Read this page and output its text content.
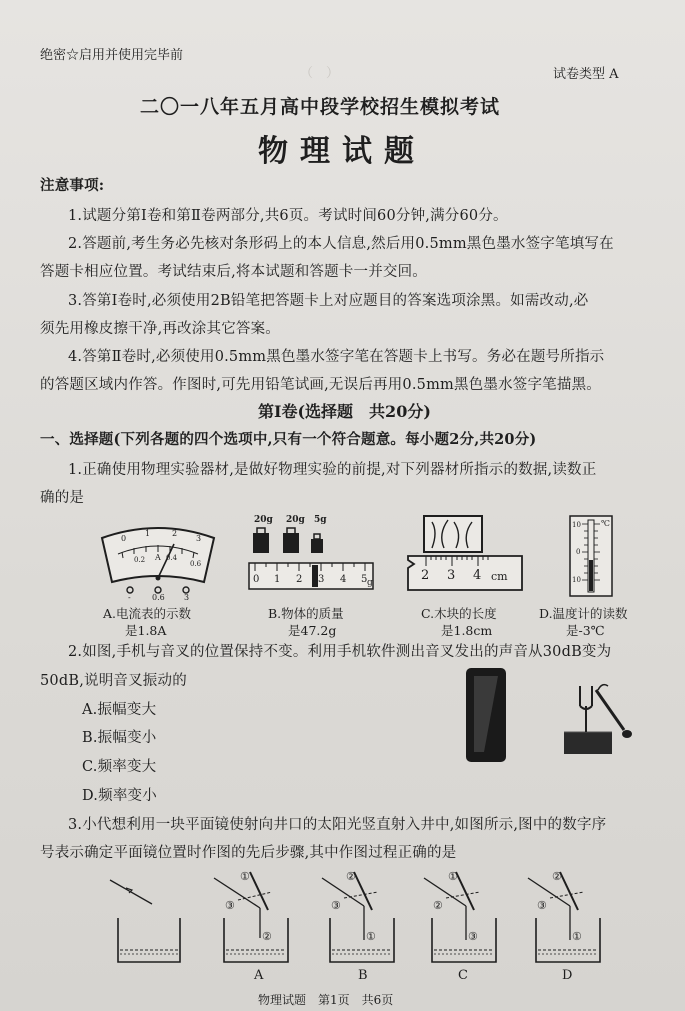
（　）
绝密☆启用并使用完毕前
试卷类型 A
二〇一八年五月高中段学校招生模拟考试
物理试题
注意事项:
1.试题分第Ⅰ卷和第Ⅱ卷两部分,共6页。考试时间60分钟,满分60分。
2.答题前,考生务必先核对条形码上的本人信息,然后用0.5mm黑色墨水签字笔填写在
答题卡相应位置。考试结束后,将本试题和答题卡一并交回。
3.答第Ⅰ卷时,必须使用2B铅笔把答题卡上对应题目的答案选项涂黑。如需改动,必
须先用橡皮擦干净,再改涂其它答案。
4.答第Ⅱ卷时,必须使用0.5mm黑色墨水签字笔在答题卡上书写。务必在题号所指示
的答题区域内作答。作图时,可先用铅笔试画,无误后再用0.5mm黑色墨水签字笔描黑。
第Ⅰ卷(选择题　共20分)
一、选择题(下列各题的四个选项中,只有一个符合题意。每小题2分,共20分)
1.正确使用物理实验器材,是做好物理实验的前提,对下列器材所指示的数据,读数正
确的是
0
1	2
3
0.2	0.4
0.6
A
-	0.6 3
20g 20g 5g
0 1 2 3 4 5 g	2 3 4 cm
10
0
10
℃
A.电流表的示数
是1.8A
B.物体的质量
是47.2g
C.木块的长度
是1.8cm
D.温度计的读数
是-3℃
2.如图,手机与音叉的位置保持不变。利用手机软件测出音叉发出的声音从30dB变为
50dB,说明音叉振动的
A.振幅变大
B.振幅变小
C.频率变大
D.频率变小
3.小代想利用一块平面镜使射向井口的太阳光竖直射入井中,如图所示,图中的数字序
号表示确定平面镜位置时作图的先后步骤,其中作图过程正确的是
①
③
②
②
③
①
①
②
③
②
③
①
A	B	C	D
物理试题　第1页　共6页
